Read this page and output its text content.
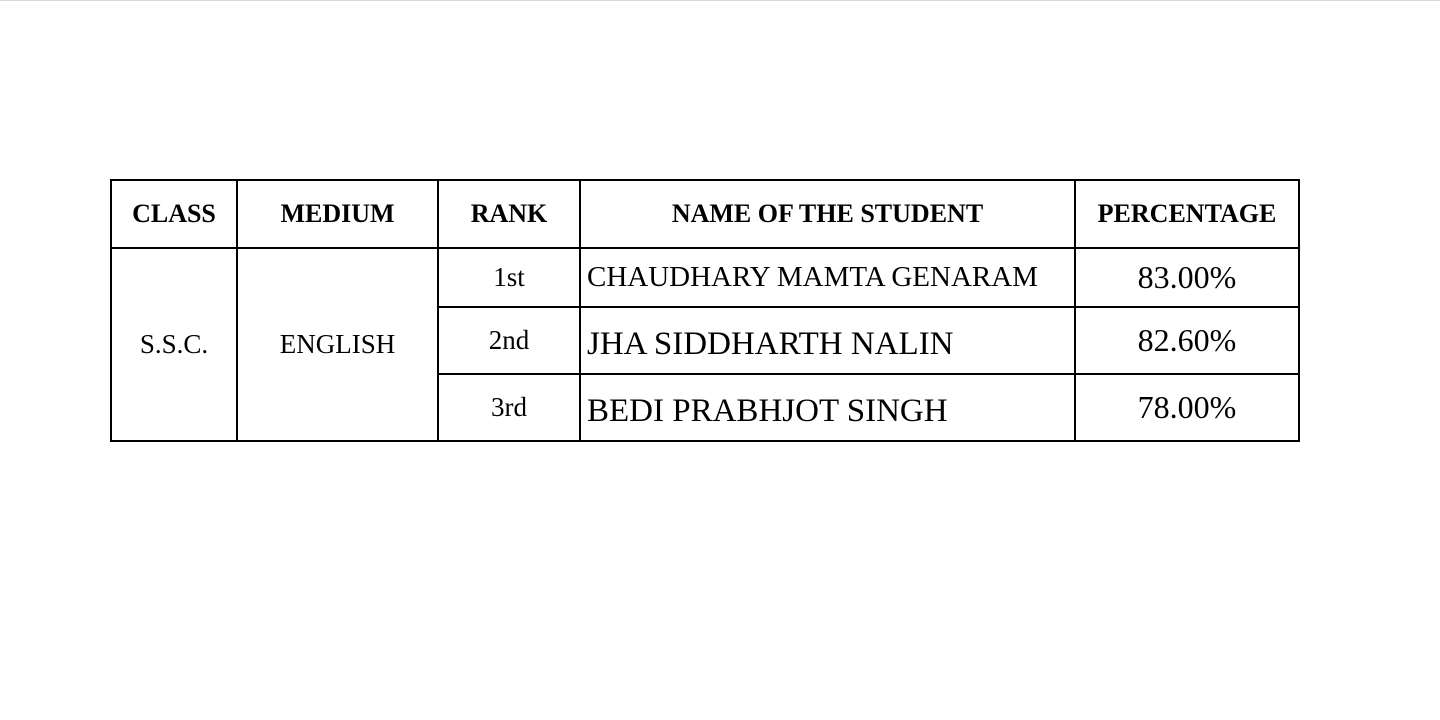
CLASS	MEDIUM	RANK	NAME OF THE STUDENT	PERCENTAGE
S.S.C.	ENGLISH	1st	CHAUDHARY MAMTA GENARAM	83.00%
		2nd	JHA SIDDHARTH NALIN	82.60%
		3rd	BEDI PRABHJOT SINGH	78.00%
